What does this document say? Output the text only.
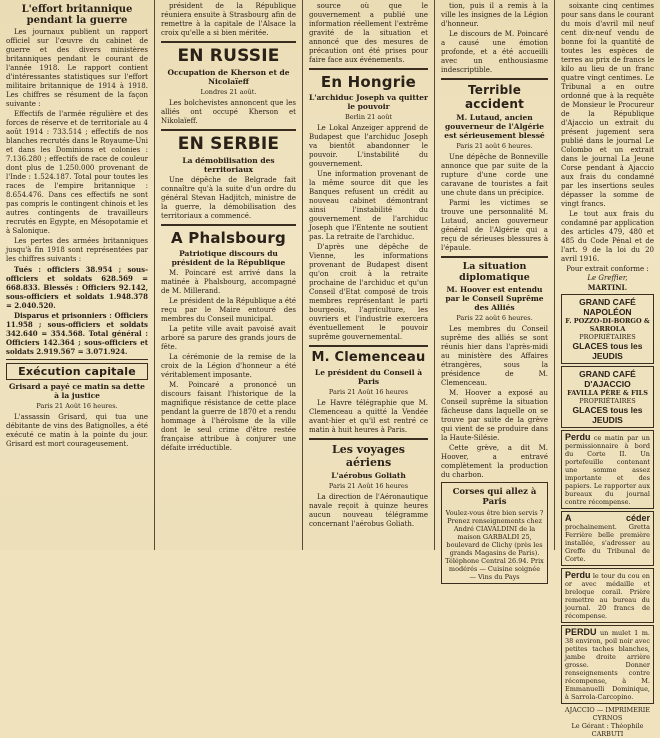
L'effort britannique pendant la guerre

Les journaux publient un rapport officiel sur l'œuvre du cabinet de guerre et des divers ministères britanniques pendant le courant de l'année 1918. Le rapport contient d'intéressantes statistiques sur l'effort militaire britannique de 1914 à 1918. Les chiffres se résument de la façon suivante :

Effectifs de l'armée régulière et des forces de réserve et de territoriale au 4 août 1914 : 733.514 ; effectifs de nos blanches recrutés dans le Royaume-Uni et dans les Dominions et colonies : 7.136.280 ; effectifs de race de couleur dont plus de 1.250.000 provenant de l'Inde : 1.524.187. Total pour toutes les races de l'empire britannique : 8.654.476. Dans ces effectifs ne sont pas compris le contingent chinois et les autres contingents de travailleurs recrutés en Egypte, en Mésopotamie et à Salonique.

Les pertes des armées britanniques jusqu'à fin 1918 sont représentées par les chiffres suivants :

Tués : officiers 38.954 ; sous-officiers et soldats 628.569 = 668.833. Blessés : Officiers 92.142, sous-officiers et soldats 1.948.378 = 2.040.520.

Disparus et prisonniers : Officiers 11.958 ; sous-officiers et soldats 342.640 = 354.568. Total général : Officiers 142.364 ; sous-officiers et soldats 2.919.567 = 3.071.924.

Exécution capitale
Grisard a payé ce matin sa dette à la justice
Paris 21 Août 16 heures.

L'assassin Grisard, qui tua une débitante de vins des Batignolles, a été exécuté ce matin à la pointe du jour. Grisard est mort courageusement.

président de la République réuniera ensuite à Strasbourg afin de remettre à la capitale de l'Alsace la croix qu'elle a si bien méritée.

EN RUSSIE
Occupation de Kherson et de Nicolaïeff
Londres 21 août.

Les bolchevistes annoncent que les alliés ont occupé Kherson et Nikolaïeff.

EN SERBIE
La démobilisation des territoriaux

Une dépêche de Belgrade fait connaître qu'à la suite d'un ordre du général Stevan Hadjitch, ministre de la guerre, la démobilisation des territoriaux a commencé.

A Phalsbourg
Patriotique discours du président de la République

M. Poincaré est arrivé dans la matinée à Phalsbourg, accompagné de M. Millerand.

Le président de la République a été reçu par le Maire entouré des membres du Conseil municipal.

La petite ville avait pavoisé avait arboré sa parure des grands jours de fête.

La cérémonie de la remise de la croix de la Légion d'honneur a été véritablement imposante.

M. Poincaré a prononcé un discours faisant l'historique de la magnifique résistance de cette place pendant la guerre de 1870 et a rendu hommage à l'héroïsme de la ville dont le seul crime d'être restée française attribue à conjurer une défaite irréductible.

source où que le gouvernement a publié une information réellement l'extrême gravité de la situation et annoncé que des mesures de précaution ont été prises pour faire face aux événements.

En Hongrie
L'archiduc Joseph va quitter le pouvoir
Berlin 21 août

Le Lokal Anzeiger apprend de Budapest que l'archiduc Joseph va bientôt abandonner le pouvoir. L'instabilité du gouvernement.

Une information provenant de la même source dit que les Banques refusent un crédit au nouveau cabinet démontrant ainsi l'instabilité du gouvernement de l'archiduc Joseph que l'Entente ne soutient pas. La retraite de l'archiduc.

D'après une dépêche de Vienne, les informations provenant de Budapest disent qu'on croit à la retraite prochaine de l'archiduc et qu'un Conseil d'Etat composé de trois membres représentant le parti bourgeois, l'agriculture, les ouvriers et l'industrie exercera éventuellement le pouvoir suprême gouvernemental.

M. Clemenceau
Le président du Conseil à Paris
Paris 21 Août 16 heures

Le Havre télégraphie que M. Clemenceau a quitté la Vendée avant-hier et qu'il est rentré ce matin à huit heures à Paris.

Les voyages aériens
L'aérobus Goliath
Paris 21 Août 16 heures

La direction de l'Aéronautique navale reçoit à quinze heures aucun nouveau télégramme concernant l'aérobus Goliath.

tion, puis il a remis à la ville les insignes de la Légion d'honneur.

Le discours de M. Poincaré a causé une émotion profonde, et a été accueilli avec un enthousiasme indescriptible.

Terrible accident
M. Lutaud, ancien gouverneur de l'Algérie est sérieusement blessé
Paris 21 août 6 heures.

Une dépêche de Bonneville annonce que par suite de la rupture d'une corde une caravane de touristes a fait une chute dans un précipice.

Parmi les victimes se trouve une personnalité M. Lutaud, ancien gouverneur général de l'Algérie qui a reçu de sérieuses blessures à l'épaule.

La situation diplomatique
M. Hoover est entendu par le Conseil Suprême des Alliés
Paris 22 août 6 heures.

Les membres du Conseil suprême des alliés se sont réunis hier dans l'après-midi au ministère des Affaires étrangères, sous la présidence de M. Clemenceau.

M. Hoover a exposé au Conseil suprême la situation fâcheuse dans laquelle on se trouve par suite de la grève qui vient de se produire dans la Haute-Silésie.

Cette grève, a dit M. Hoover, a entravé complètement la production du charbon.

Corses qui allez à Paris
Voulez-vous être bien servis ? Prenez renseignements chez André CIAVALDINI de la maison GARBALDI 25, boulevard de Clichy (près les grands Magasins de Paris). Téléphone Central 26.94. Prix modérés — Cuisine soignée — Vins du Pays

soixante cinq centimes pour sans dans le courant du mois d'avril mil neuf cent dix-neuf vendu de bonne foi la quantité de toutes les espèces de terres au prix de francs le kilo au lieu de un franc quatre vingt centimes. Le Tribunal a en outre ordonné que à la requête de Monsieur le Procureur de la République d'Ajaccio un extrait du présent jugement sera publié dans le journal Le Colombo et un extrait dans le journal La Jeune Corse pendant à Ajaccio aux frais du condamné par les insertions seules dépasser la somme de vingt francs.

Le tout aux frais du condamné par application des articles 479, 480 et 485 du Code Pénal et de l'art. 9 de la loi du 20 avril 1916.

Pour extrait conforme :
Le Greffier,
MARTINI.
GRAND CAFÉ NAPOLÉON
F. POZZO-DI-BORGO & SARROLA
PROPRIÉTAIRES
GLACES tous les JEUDIS
GRAND CAFÉ D'AJACCIO
FAVILLA PÈRE & FILS
PROPRIÉTAIRES
GLACES tous les JEUDIS
Perdu ce matin par un permissionnaire à bord du Corte II. Un portefeuille contenant une somme assez importante et des papiers. Le rapporter aux bureaux du journal contre récompense.
A céder prochainement. Gretta Ferrière belle première installée, s'adresser au Greffe du Tribunal de Corte.
Perdu le tour du cou en or avec médaille et breloque corail. Prière remettre au bureau du journal. 20 francs de récompense.
PERDU un mulet 1 m. 38 environ, poil noir avec petites taches blanches, jambe droite arrière grosse. Donner renseignements contre récompense, à M. Emmanuelli Dominique, à Sarrola-Carcopino.
AJACCIO — IMPRIMERIE CYRNOS
Le Gérant : Théophile CARBUTI
